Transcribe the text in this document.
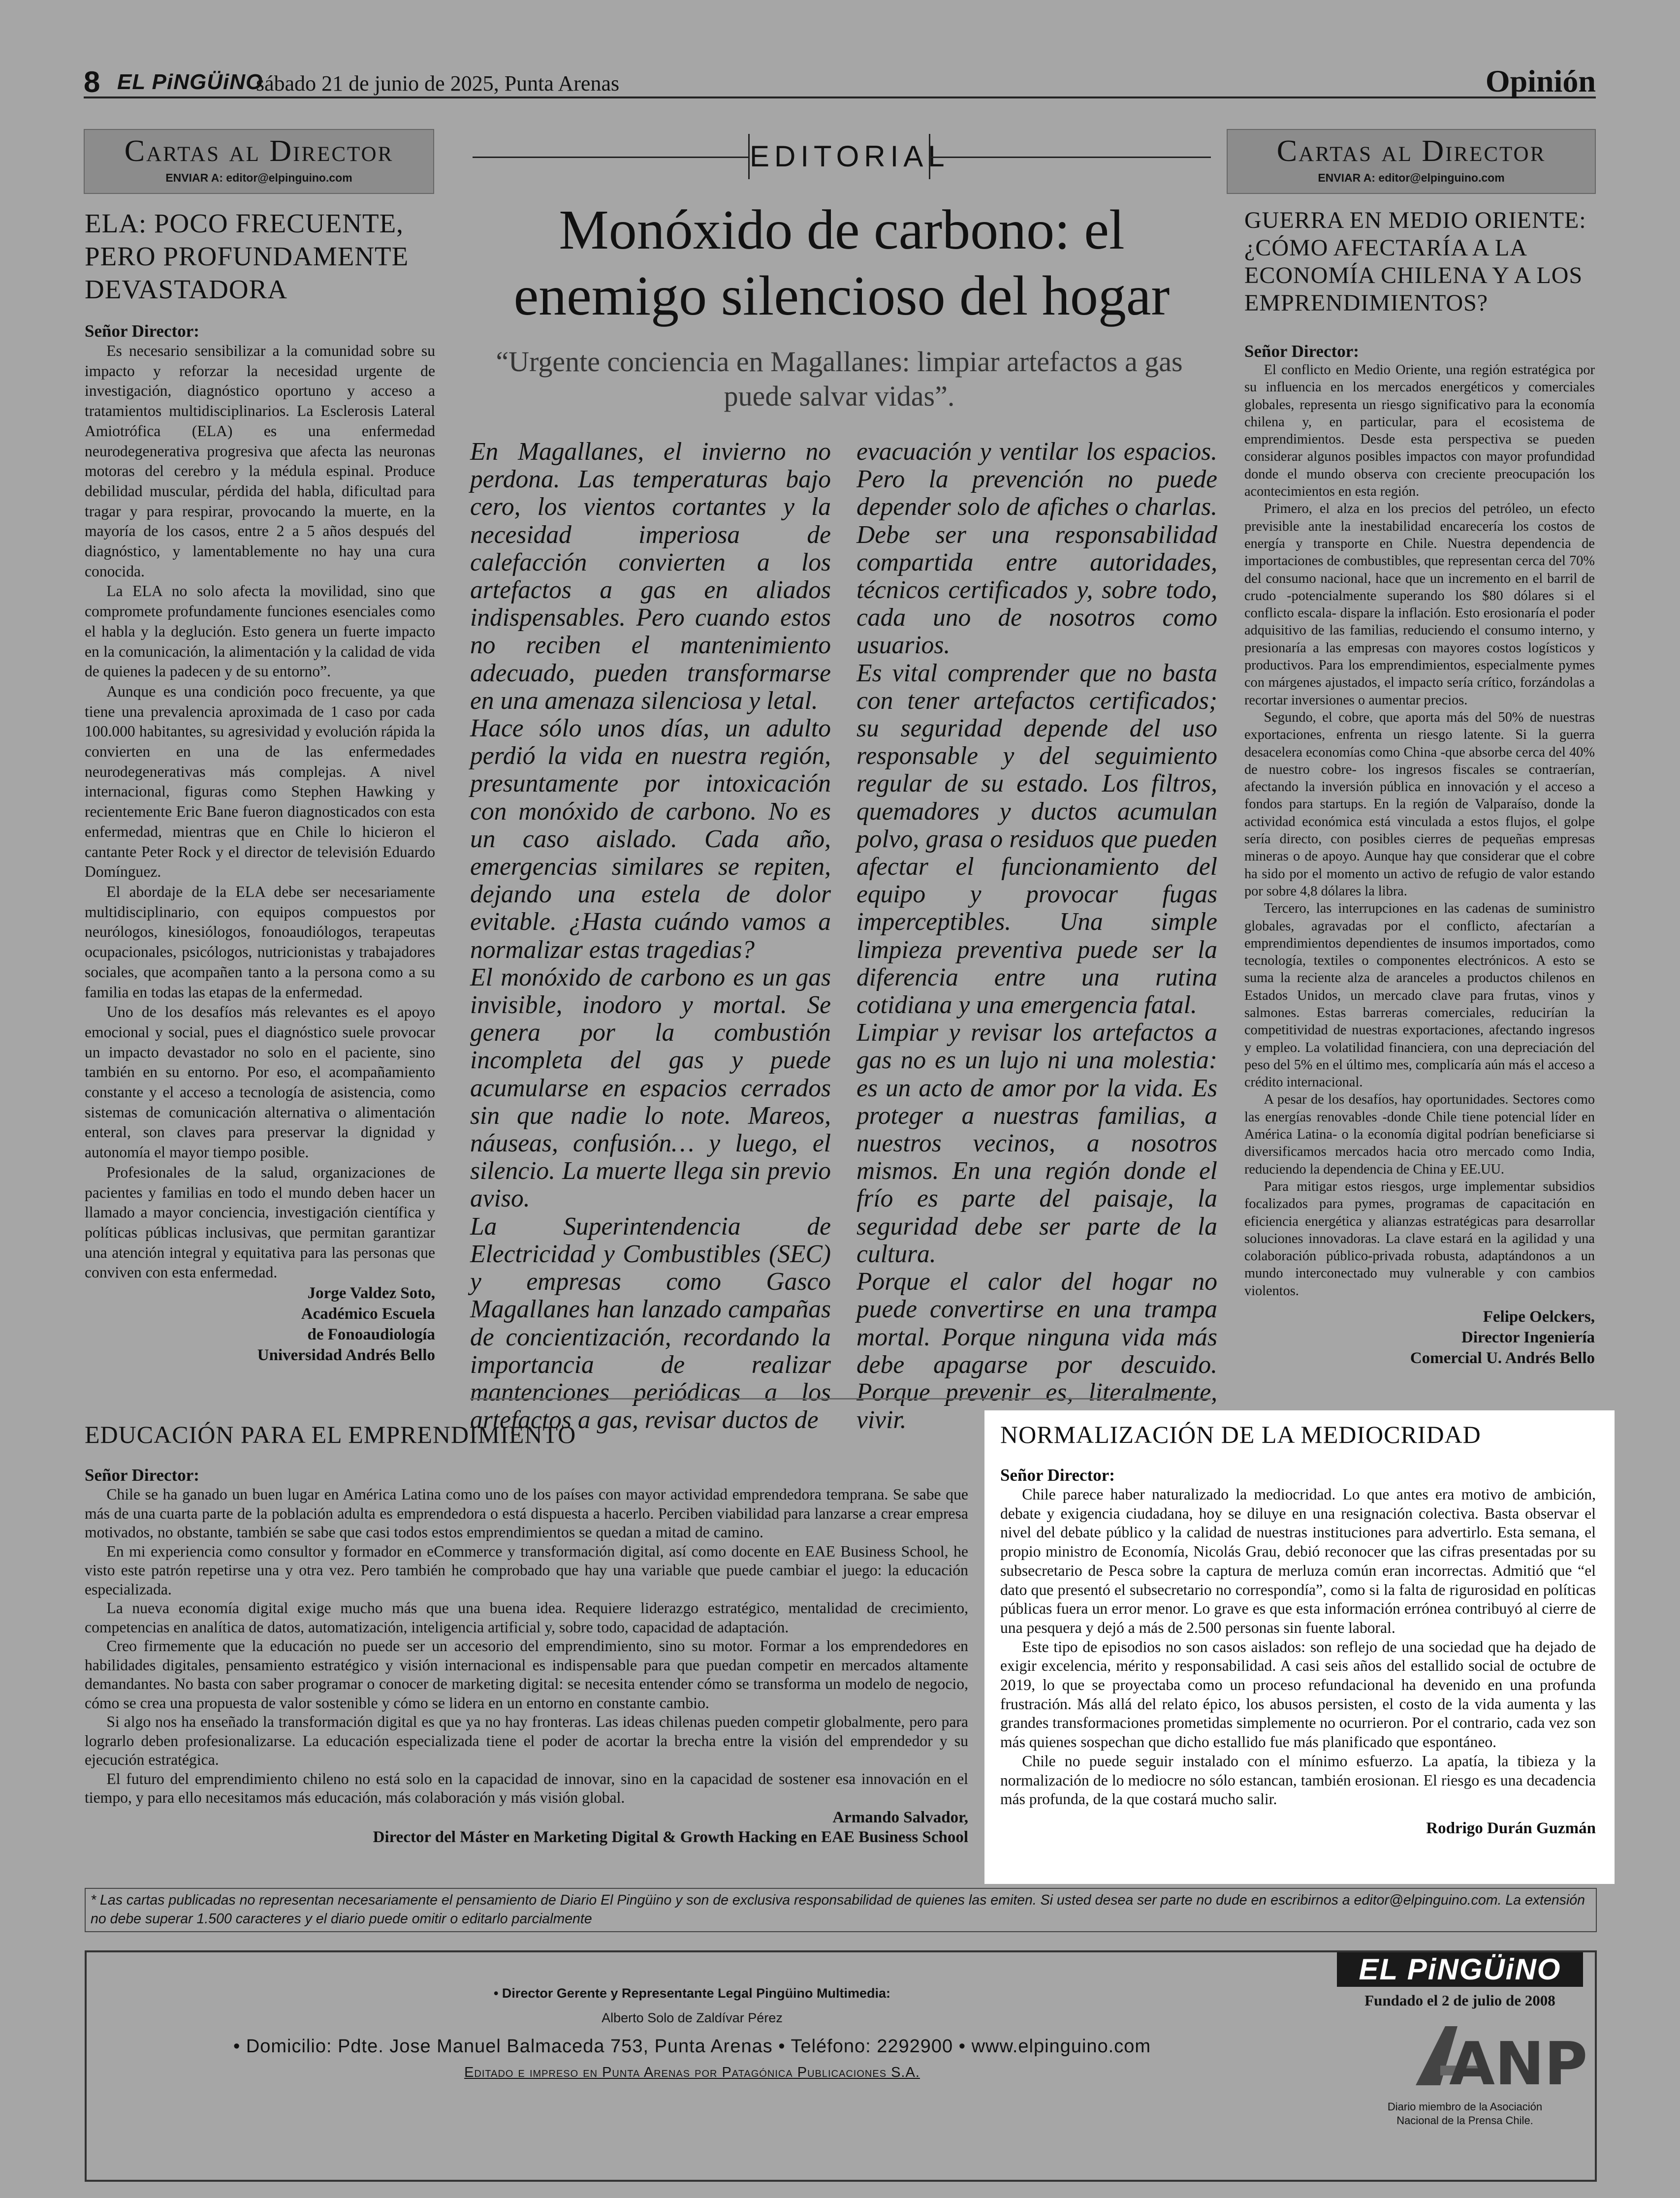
8 EL PiNGÜiNO
sábado 21 de junio de 2025, Punta Arenas	Opinión
Cartas al Director
ENVIAR A: editor@elpinguino.com
ELA: POCO FRECUENTE, PERO PROFUNDAMENTE DEVASTADORA
Señor Director:

Es necesario sensibilizar a la comunidad sobre su impacto y reforzar la necesidad urgente de investigación, diagnóstico oportuno y acceso a tratamientos multidisciplinarios. La Esclerosis Lateral Amiotrófica (ELA) es una enfermedad neurodegenerativa progresiva que afecta las neuronas motoras del cerebro y la médula espinal. Produce debilidad muscular, pérdida del habla, dificultad para tragar y para respirar, provocando la muerte, en la mayoría de los casos, entre 2 a 5 años después del diagnóstico, y lamentablemente no hay una cura conocida.

La ELA no solo afecta la movilidad, sino que compromete profundamente funciones esenciales como el habla y la deglución. Esto genera un fuerte impacto en la comunicación, la alimentación y la calidad de vida de quienes la padecen y de su entorno”.

Aunque es una condición poco frecuente, ya que tiene una prevalencia aproximada de 1 caso por cada 100.000 habitantes, su agresividad y evolución rápida la convierten en una de las enfermedades neurodegenerativas más complejas. A nivel internacional, figuras como Stephen Hawking y recientemente Eric Bane fueron diagnosticados con esta enfermedad, mientras que en Chile lo hicieron el cantante Peter Rock y el director de televisión Eduardo Domínguez.

El abordaje de la ELA debe ser necesariamente multidisciplinario, con equipos compuestos por neurólogos, kinesiólogos, fonoaudiólogos, terapeutas ocupacionales, psicólogos, nutricionistas y trabajadores sociales, que acompañen tanto a la persona como a su familia en todas las etapas de la enfermedad.

Uno de los desafíos más relevantes es el apoyo emocional y social, pues el diagnóstico suele provocar un impacto devastador no solo en el paciente, sino también en su entorno. Por eso, el acompañamiento constante y el acceso a tecnología de asistencia, como sistemas de comunicación alternativa o alimentación enteral, son claves para preservar la dignidad y autonomía el mayor tiempo posible.

Profesionales de la salud, organizaciones de pacientes y familias en todo el mundo deben hacer un llamado a mayor conciencia, investigación científica y políticas públicas inclusivas, que permitan garantizar una atención integral y equitativa para las personas que conviven con esta enfermedad.

Jorge Valdez Soto,
Académico Escuela
de Fonoaudiología
Universidad Andrés Bello
EDITORIAL
Monóxido de carbono: el enemigo silencioso del hogar
“Urgente conciencia en Magallanes: limpiar artefactos a gas puede salvar vidas”.

En Magallanes, el invierno no perdona. Las temperaturas bajo cero, los vientos cortantes y la necesidad imperiosa de calefacción convierten a los artefactos a gas en aliados indispensables. Pero cuando estos no reciben el mantenimiento adecuado, pueden transformarse en una amenaza silenciosa y letal.

Hace sólo unos días, un adulto perdió la vida en nuestra región, presuntamente por intoxicación con monóxido de carbono. No es un caso aislado. Cada año, emergencias similares se repiten, dejando una estela de dolor evitable. ¿Hasta cuándo vamos a normalizar estas tragedias?

El monóxido de carbono es un gas invisible, inodoro y mortal. Se genera por la combustión incompleta del gas y puede acumularse en espacios cerrados sin que nadie lo note. Mareos, náuseas, confusión… y luego, el silencio. La muerte llega sin previo aviso.

La Superintendencia de Electricidad y Combustibles (SEC) y empresas como Gasco Magallanes han lanzado campañas de concientización, recordando la importancia de realizar mantenciones periódicas a los artefactos a gas, revisar ductos de

evacuación y ventilar los espacios. Pero la prevención no puede depender solo de afiches o charlas. Debe ser una responsabilidad compartida entre autoridades, técnicos certificados y, sobre todo, cada uno de nosotros como usuarios.

Es vital comprender que no basta con tener artefactos certificados; su seguridad depende del uso responsable y del seguimiento regular de su estado. Los filtros, quemadores y ductos acumulan polvo, grasa o residuos que pueden afectar el funcionamiento del equipo y provocar fugas imperceptibles. Una simple limpieza preventiva puede ser la diferencia entre una rutina cotidiana y una emergencia fatal.

Limpiar y revisar los artefactos a gas no es un lujo ni una molestia: es un acto de amor por la vida. Es proteger a nuestras familias, a nuestros vecinos, a nosotros mismos. En una región donde el frío es parte del paisaje, la seguridad debe ser parte de la cultura.

Porque el calor del hogar no puede convertirse en una trampa mortal. Porque ninguna vida más debe apagarse por descuido. Porque prevenir es, literalmente, vivir.

Cartas al Director
ENVIAR A: editor@elpinguino.com
GUERRA EN MEDIO ORIENTE: ¿CÓMO AFECTARÍA A LA ECONOMÍA CHILENA Y A LOS EMPRENDIMIENTOS?
Señor Director:

El conflicto en Medio Oriente, una región estratégica por su influencia en los mercados energéticos y comerciales globales, representa un riesgo significativo para la economía chilena y, en particular, para el ecosistema de emprendimientos. Desde esta perspectiva se pueden considerar algunos posibles impactos con mayor profundidad donde el mundo observa con creciente preocupación los acontecimientos en esta región.

Primero, el alza en los precios del petróleo, un efecto previsible ante la inestabilidad encarecería los costos de energía y transporte en Chile. Nuestra dependencia de importaciones de combustibles, que representan cerca del 70% del consumo nacional, hace que un incremento en el barril de crudo -potencialmente superando los $80 dólares si el conflicto escala- dispare la inflación. Esto erosionaría el poder adquisitivo de las familias, reduciendo el consumo interno, y presionaría a las empresas con mayores costos logísticos y productivos. Para los emprendimientos, especialmente pymes con márgenes ajustados, el impacto sería crítico, forzándolas a recortar inversiones o aumentar precios.

Segundo, el cobre, que aporta más del 50% de nuestras exportaciones, enfrenta un riesgo latente. Si la guerra desacelera economías como China -que absorbe cerca del 40% de nuestro cobre- los ingresos fiscales se contraerían, afectando la inversión pública en innovación y el acceso a fondos para startups. En la región de Valparaíso, donde la actividad económica está vinculada a estos flujos, el golpe sería directo, con posibles cierres de pequeñas empresas mineras o de apoyo. Aunque hay que considerar que el cobre ha sido por el momento un activo de refugio de valor estando por sobre 4,8 dólares la libra.

Tercero, las interrupciones en las cadenas de suministro globales, agravadas por el conflicto, afectarían a emprendimientos dependientes de insumos importados, como tecnología, textiles o componentes electrónicos. A esto se suma la reciente alza de aranceles a productos chilenos en Estados Unidos, un mercado clave para frutas, vinos y salmones. Estas barreras comerciales, reducirían la competitividad de nuestras exportaciones, afectando ingresos y empleo. La volatilidad financiera, con una depreciación del peso del 5% en el último mes, complicaría aún más el acceso a crédito internacional.

A pesar de los desafíos, hay oportunidades. Sectores como las energías renovables -donde Chile tiene potencial líder en América Latina- o la economía digital podrían beneficiarse si diversificamos mercados hacia otro mercado como India, reduciendo la dependencia de China y EE.UU.

Para mitigar estos riesgos, urge implementar subsidios focalizados para pymes, programas de capacitación en eficiencia energética y alianzas estratégicas para desarrollar soluciones innovadoras. La clave estará en la agilidad y una colaboración público-privada robusta, adaptándonos a un mundo interconectado muy vulnerable y con cambios violentos.

Felipe Oelckers,
Director Ingeniería
Comercial U. Andrés Bello
EDUCACIÓN PARA EL EMPRENDIMIENTO
Señor Director:

Chile se ha ganado un buen lugar en América Latina como uno de los países con mayor actividad emprendedora temprana. Se sabe que más de una cuarta parte de la población adulta es emprendedora o está dispuesta a hacerlo. Perciben viabilidad para lanzarse a crear empresa motivados, no obstante, también se sabe que casi todos estos emprendimientos se quedan a mitad de camino.

En mi experiencia como consultor y formador en eCommerce y transformación digital, así como docente en EAE Business School, he visto este patrón repetirse una y otra vez. Pero también he comprobado que hay una variable que puede cambiar el juego: la educación especializada.

La nueva economía digital exige mucho más que una buena idea. Requiere liderazgo estratégico, mentalidad de crecimiento, competencias en analítica de datos, automatización, inteligencia artificial y, sobre todo, capacidad de adaptación.

Creo firmemente que la educación no puede ser un accesorio del emprendimiento, sino su motor. Formar a los emprendedores en habilidades digitales, pensamiento estratégico y visión internacional es indispensable para que puedan competir en mercados altamente demandantes. No basta con saber programar o conocer de marketing digital: se necesita entender cómo se transforma un modelo de negocio, cómo se crea una propuesta de valor sostenible y cómo se lidera en un entorno en constante cambio.

Si algo nos ha enseñado la transformación digital es que ya no hay fronteras. Las ideas chilenas pueden competir globalmente, pero para lograrlo deben profesionalizarse. La educación especializada tiene el poder de acortar la brecha entre la visión del emprendedor y su ejecución estratégica.

El futuro del emprendimiento chileno no está solo en la capacidad de innovar, sino en la capacidad de sostener esa innovación en el tiempo, y para ello necesitamos más educación, más colaboración y más visión global.

Armando Salvador,
Director del Máster en Marketing Digital & Growth Hacking en EAE Business School
NORMALIZACIÓN DE LA MEDIOCRIDAD
Señor Director:

Chile parece haber naturalizado la mediocridad. Lo que antes era motivo de ambición, debate y exigencia ciudadana, hoy se diluye en una resignación colectiva. Basta observar el nivel del debate público y la calidad de nuestras instituciones para advertirlo. Esta semana, el propio ministro de Economía, Nicolás Grau, debió reconocer que las cifras presentadas por su subsecretario de Pesca sobre la captura de merluza común eran incorrectas. Admitió que “el dato que presentó el subsecretario no correspondía”, como si la falta de rigurosidad en políticas públicas fuera un error menor. Lo grave es que esta información errónea contribuyó al cierre de una pesquera y dejó a más de 2.500 personas sin fuente laboral.

Este tipo de episodios no son casos aislados: son reflejo de una sociedad que ha dejado de exigir excelencia, mérito y responsabilidad. A casi seis años del estallido social de octubre de 2019, lo que se proyectaba como un proceso refundacional ha devenido en una profunda frustración. Más allá del relato épico, los abusos persisten, el costo de la vida aumenta y las grandes transformaciones prometidas simplemente no ocurrieron. Por el contrario, cada vez son más quienes sospechan que dicho estallido fue más planificado que espontáneo.

Chile no puede seguir instalado con el mínimo esfuerzo. La apatía, la tibieza y la normalización de lo mediocre no sólo estancan, también erosionan. El riesgo es una decadencia más profunda, de la que costará mucho salir.

Rodrigo Durán Guzmán
* Las cartas publicadas no representan necesariamente el pensamiento de Diario El Pingüino y son de exclusiva responsabilidad de quienes las emiten. Si usted desea ser parte no dude en escribirnos a editor@elpinguino.com. La extensión no debe superar 1.500 caracteres y el diario puede omitir o editarlo parcialmente
• Director Gerente y Representante Legal Pingüino Multimedia:
Alberto Solo de Zaldívar Pérez
• Domicilio: Pdte. Jose Manuel Balmaceda 753, Punta Arenas • Teléfono: 2292900 • www.elpinguino.com
Editado e impreso en Punta Arenas por Patagónica Publicaciones S.A.
EL PiNGÜiNO
Fundado el 2 de julio de 2008
ANP
Diario miembro de la Asociación
Nacional de la Prensa Chile.
